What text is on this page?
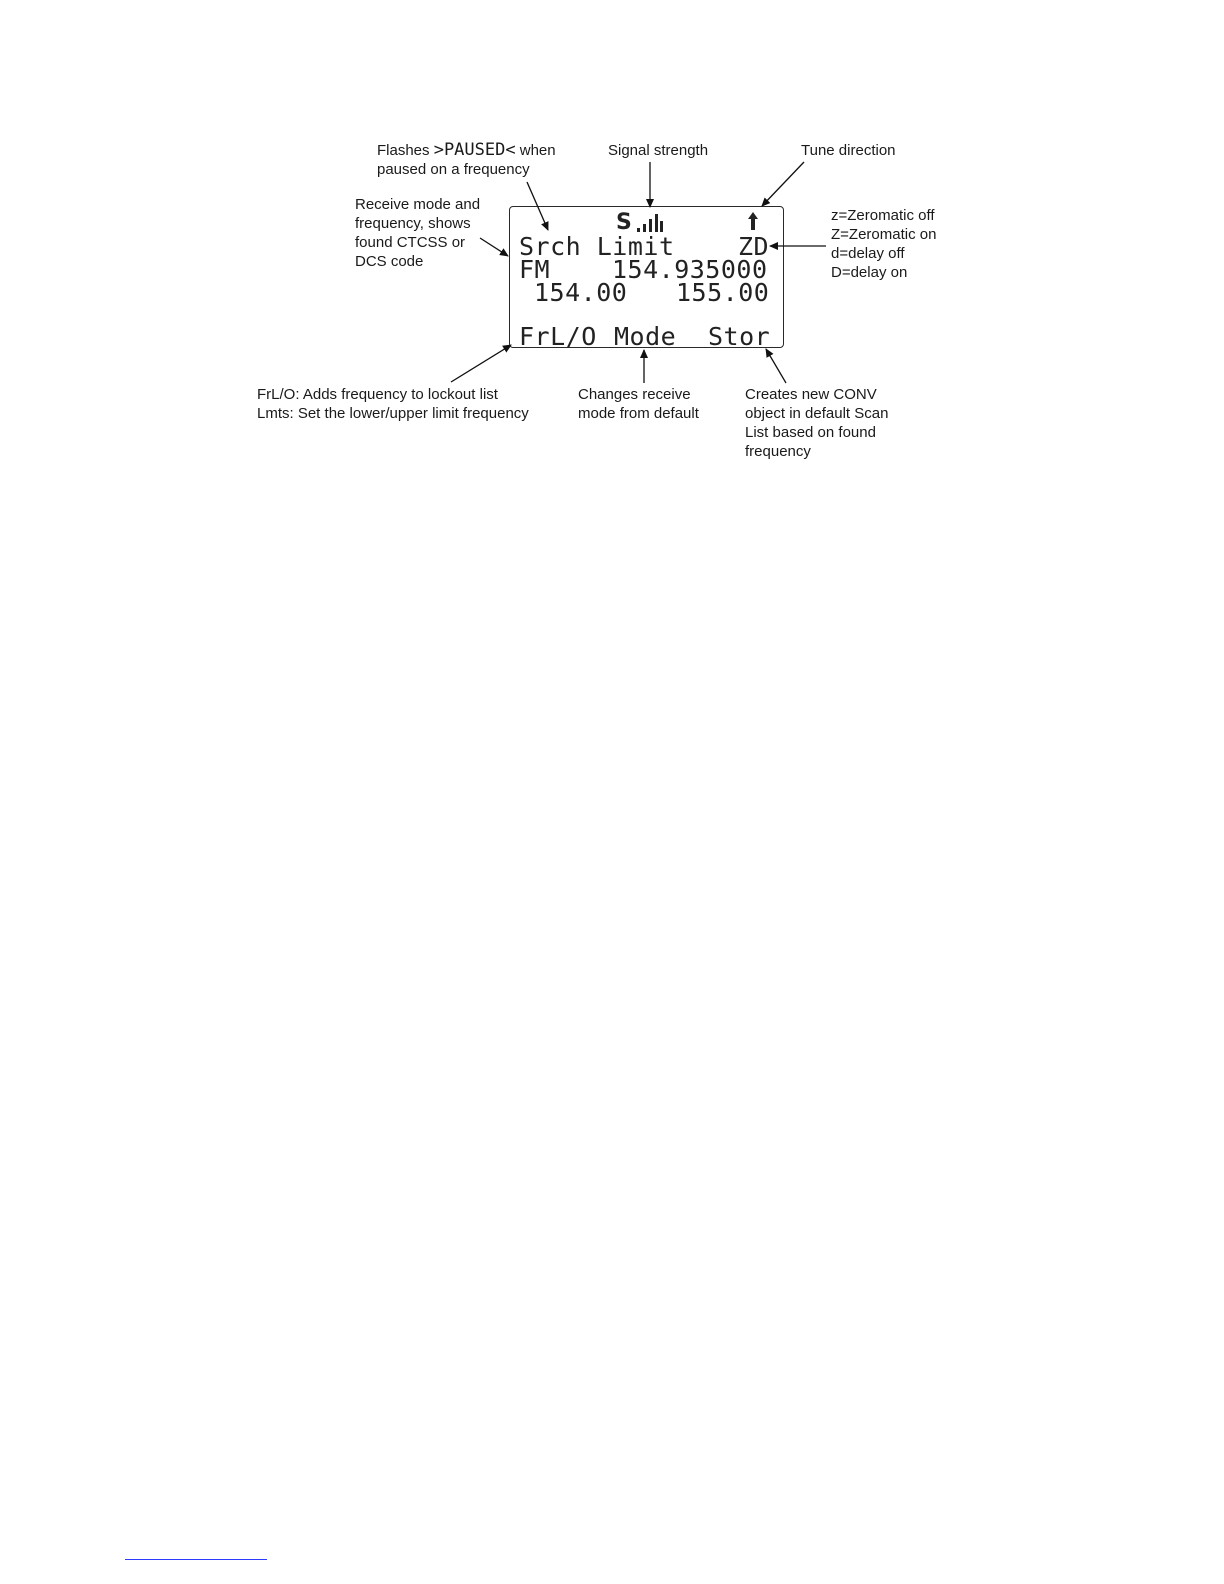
Flashes >PAUSED< when
paused on a frequency
Signal strength	Tune direction
Receive mode and
frequency, shows
found CTCSS or
DCS code
z=Zeromatic off
Z=Zeromatic on
d=delay off
D=delay on
FrL/O: Adds frequency to lockout list
Lmts: Set the lower/upper limit frequency
Changes receive
mode from default
Creates new CONV
object in default Scan
List based on found
frequency
S
Srch Limit	ZD
FM 154.935000
154.00 155.00
FrL/O Mode Stor
